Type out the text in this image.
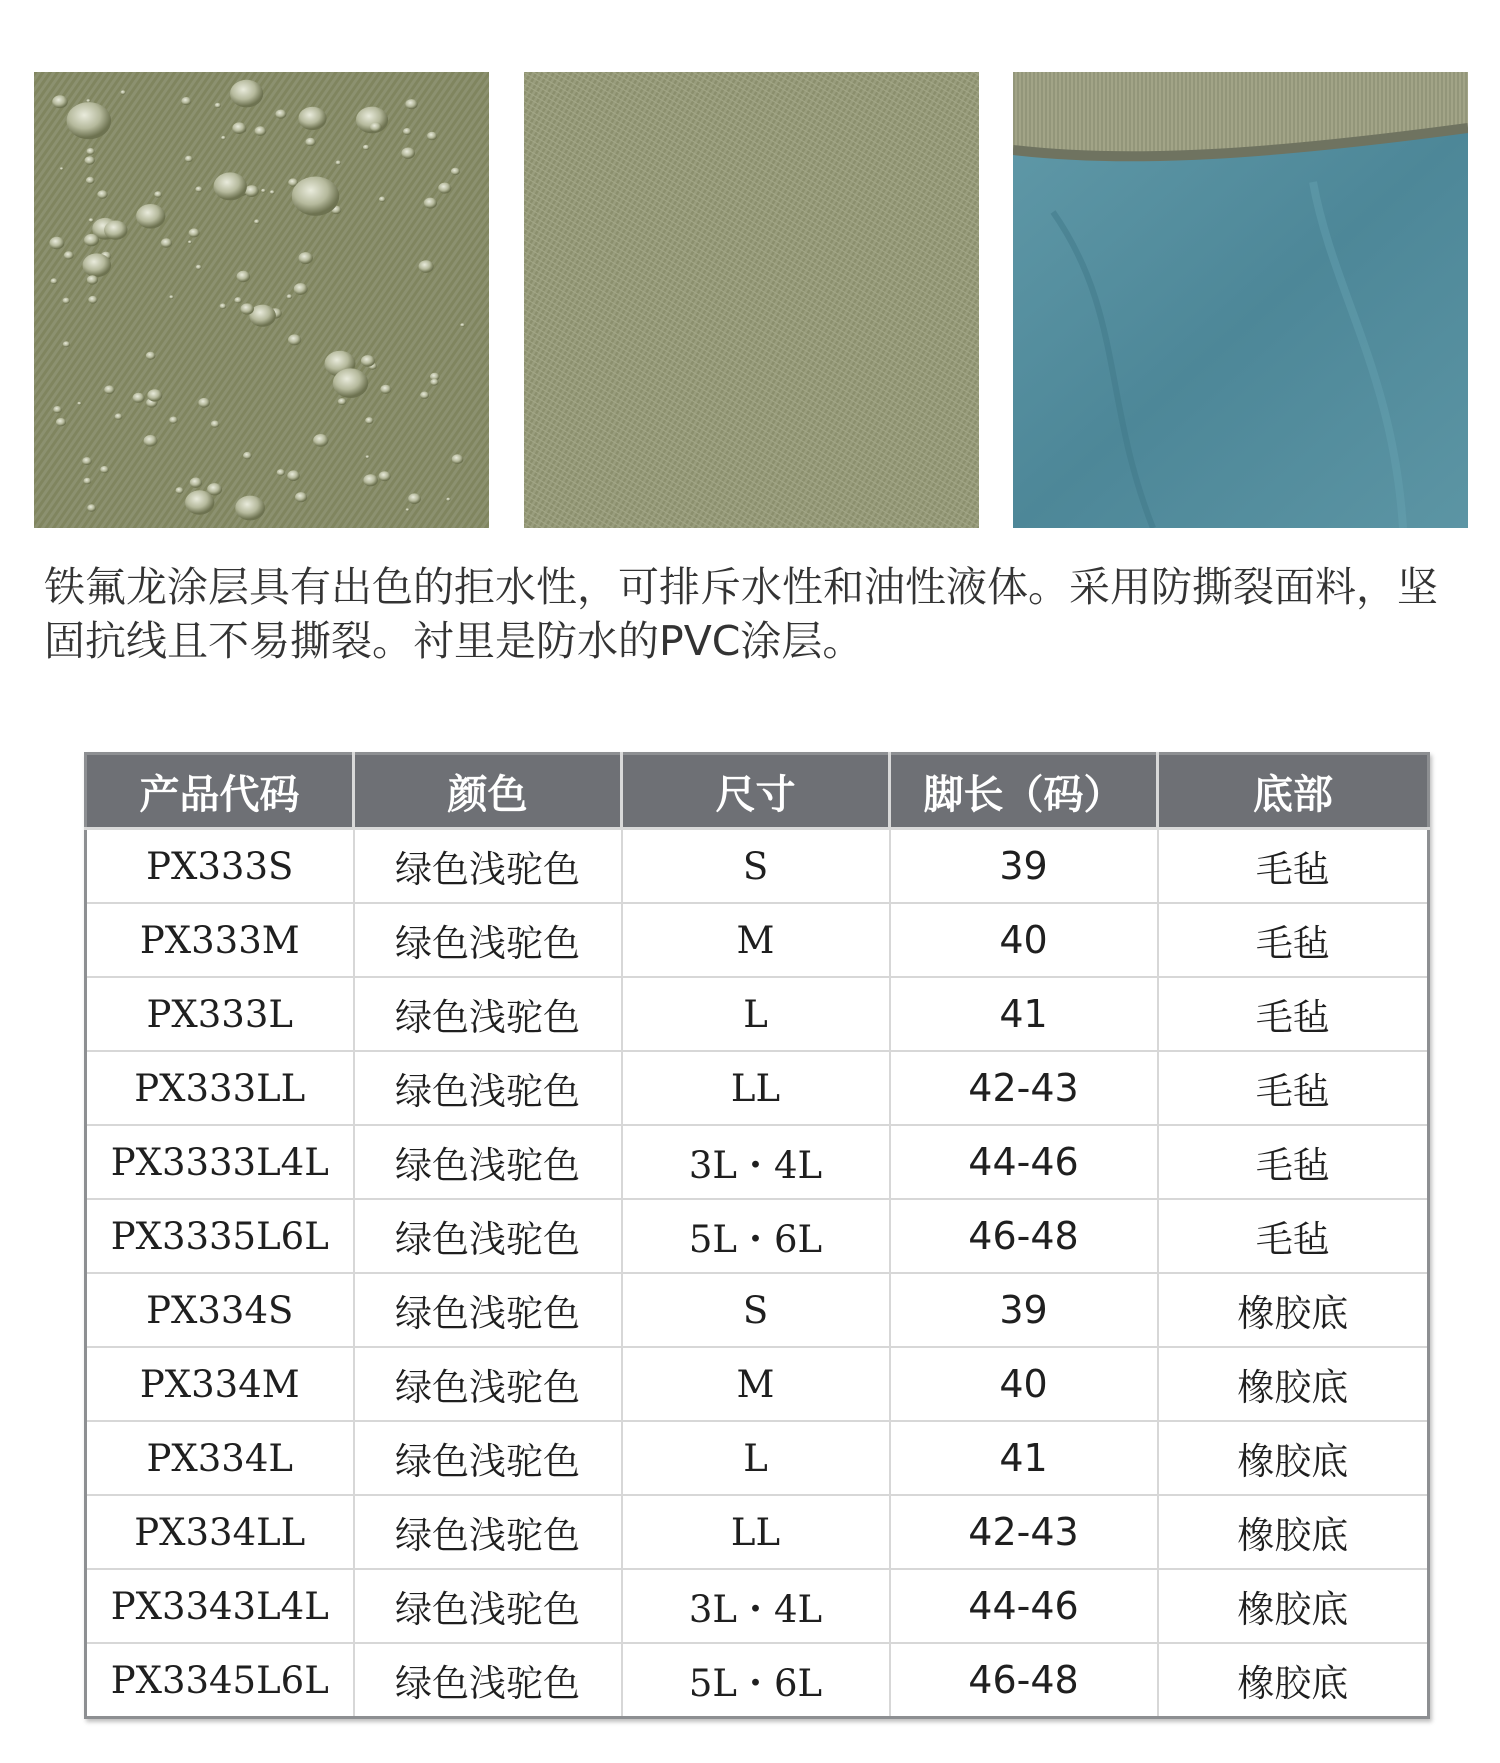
铁氟龙涂层具有出色的拒水性，可排斥水性和油性液体。采用防撕裂面料，坚固抗线且不易撕裂。衬里是防水的PVC涂层。

产品代码	颜色	尺寸	脚长（码）	底部
PX333S	绿色浅驼色	S	39	毛毡
PX333M	绿色浅驼色	M	40	毛毡
PX333L	绿色浅驼色	L	41	毛毡
PX333LL	绿色浅驼色	LL	42-43	毛毡
PX3333L4L	绿色浅驼色	3L・4L	44-46	毛毡
PX3335L6L	绿色浅驼色	5L・6L	46-48	毛毡
PX334S	绿色浅驼色	S	39	橡胶底
PX334M	绿色浅驼色	M	40	橡胶底
PX334L	绿色浅驼色	L	41	橡胶底
PX334LL	绿色浅驼色	LL	42-43	橡胶底
PX3343L4L	绿色浅驼色	3L・4L	44-46	橡胶底
PX3345L6L	绿色浅驼色	5L・6L	46-48	橡胶底
